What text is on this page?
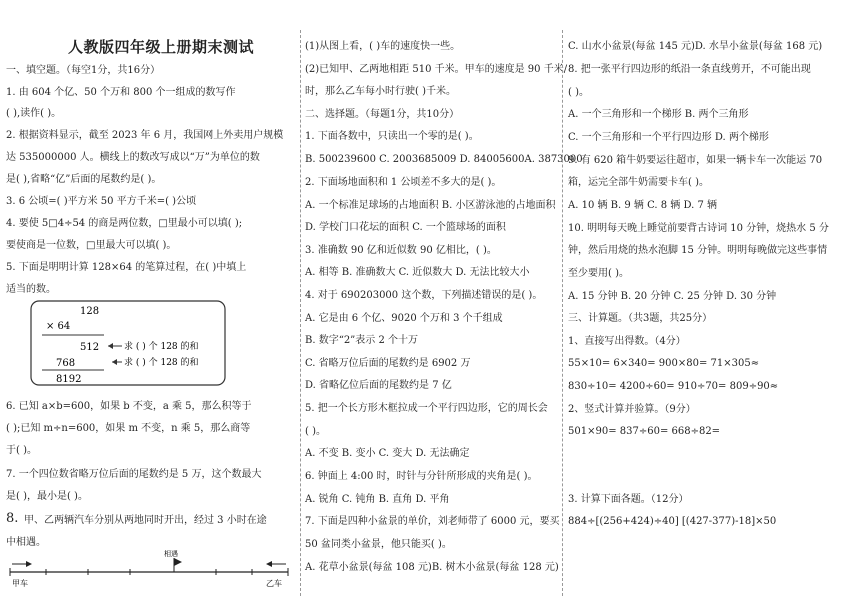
人教版四年级上册期末测试
一、填空题。（每空1分，共16分）
1. 由 604 个亿、50 个万和 800 个一组成的数写作
( ),读作( )。
2. 根据资料显示，截至 2023 年 6 月，我国网上外卖用户规模
达 535000000 人。横线上的数改写成以“万”为单位的数
是( ),省略“亿”后面的尾数约是( )。
3. 6 公顷=( )平方米 50 平方千米=( )公顷
4. 要使 5□4÷54 的商是两位数，□里最小可以填( );
要使商是一位数，□里最大可以填( )。
5. 下面是明明计算 128×64 的笔算过程，在( )中填上
适当的数。
128
× 64
512
768
8192
求 ( ) 个 128 的和
求 ( ) 个 128 的和
6. 已知 a×b=600，如果 b 不变，a 乘 5，那么积等于
( );已知 m÷n=600，如果 m 不变，n 乘 5，那么商等
于( )。
7. 一个四位数省略万位后面的尾数约是 5 万，这个数最大
是( )，最小是( )。
8. 甲、乙两辆汽车分别从两地同时开出，经过 3 小时在途
中相遇。
相遇
甲车	乙车
(1)从图上看，( )车的速度快一些。
(2)已知甲、乙两地相距 510 千米。甲车的速度是 90 千米/
时，那么乙车每小时行驶( )千米。
二、选择题。（每题1分，共10分）
1. 下面各数中，只读出一个零的是( )。
B. 500239600 C. 2003685009 D. 84005600A. 3873000
2. 下面场地面积和 1 公顷差不多大的是( )。
A. 一个标准足球场的占地面积 B. 小区游泳池的占地面积
D. 学校门口花坛的面积 C. 一个篮球场的面积
3. 准确数 90 亿和近似数 90 亿相比，( )。
A. 相等 B. 准确数大 C. 近似数大 D. 无法比较大小
4. 对于 690203000 这个数，下列描述错误的是( )。
A. 它是由 6 个亿、9020 个万和 3 个千组成
B. 数字“2”表示 2 个十万
C. 省略万位后面的尾数约是 6902 万
D. 省略亿位后面的尾数约是 7 亿
5. 把一个长方形木框拉成一个平行四边形，它的周长会
( )。
A. 不变 B. 变小 C. 变大 D. 无法确定
6. 钟面上 4:00 时，时针与分针所形成的夹角是( )。
A. 锐角 C. 钝角 B. 直角 D. 平角
7. 下面是四种小盆景的单价，刘老师带了 6000 元，要买
50 盆同类小盆景，他只能买( )。
A. 花草小盆景(每盆 108 元)B. 树木小盆景(每盆 128 元)
C. 山水小盆景(每盆 145 元)D. 水旱小盆景(每盆 168 元)
8. 把一张平行四边形的纸沿一条直线剪开，不可能出现
( )。
A. 一个三角形和一个梯形 B. 两个三角形
C. 一个三角形和一个平行四边形 D. 两个梯形
9. 有 620 箱牛奶要运往超市，如果一辆卡车一次能运 70
箱，运完全部牛奶需要卡车( )。
A. 10 辆 B. 9 辆 C. 8 辆 D. 7 辆
10. 明明每天晚上睡觉前要背古诗词 10 分钟，烧热水 5 分
钟，然后用烧的热水泡脚 15 分钟。明明每晚做完这些事情
至少要用( )。
A. 15 分钟 B. 20 分钟 C. 25 分钟 D. 30 分钟
三、计算题。（共3题，共25分）
1、直接写出得数。（4分）
55×10= 6×340= 900×80= 71×305≈
830÷10= 4200÷60= 910÷70= 809÷90≈
2、竖式计算并验算。（9分）
501×90= 837÷60= 668÷82=
3. 计算下面各题。（12分）
884÷[(256+424)÷40] [(427-377)-18]×50
